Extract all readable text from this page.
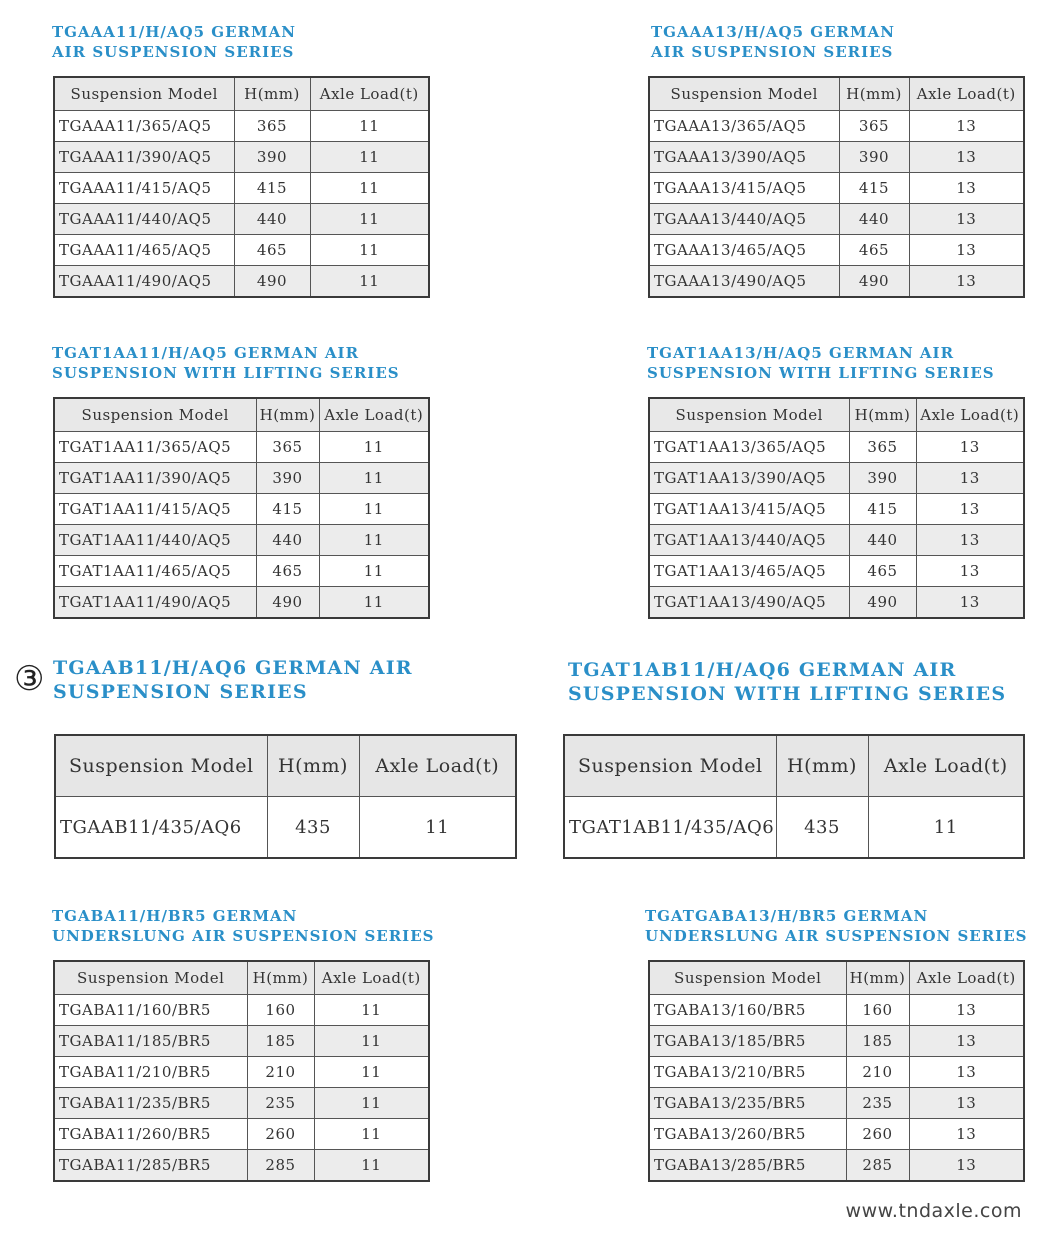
TGAAA11/H/AQ5 GERMAN
AIR SUSPENSION SERIES
Suspension Model	H(mm)	Axle Load(t)
TGAAA11/365/AQ5	365	11
TGAAA11/390/AQ5	390	11
TGAAA11/415/AQ5	415	11
TGAAA11/440/AQ5	440	11
TGAAA11/465/AQ5	465	11
TGAAA11/490/AQ5	490	11
TGAAA13/H/AQ5 GERMAN
AIR SUSPENSION SERIES
Suspension Model	H(mm)	Axle Load(t)
TGAAA13/365/AQ5	365	13
TGAAA13/390/AQ5	390	13
TGAAA13/415/AQ5	415	13
TGAAA13/440/AQ5	440	13
TGAAA13/465/AQ5	465	13
TGAAA13/490/AQ5	490	13
TGAT1AA11/H/AQ5 GERMAN AIR
SUSPENSION WITH LIFTING SERIES
Suspension Model	H(mm)	Axle Load(t)
TGAT1AA11/365/AQ5	365	11
TGAT1AA11/390/AQ5	390	11
TGAT1AA11/415/AQ5	415	11
TGAT1AA11/440/AQ5	440	11
TGAT1AA11/465/AQ5	465	11
TGAT1AA11/490/AQ5	490	11
TGAT1AA13/H/AQ5 GERMAN AIR
SUSPENSION WITH LIFTING SERIES
Suspension Model	H(mm)	Axle Load(t)
TGAT1AA13/365/AQ5	365	13
TGAT1AA13/390/AQ5	390	13
TGAT1AA13/415/AQ5	415	13
TGAT1AA13/440/AQ5	440	13
TGAT1AA13/465/AQ5	465	13
TGAT1AA13/490/AQ5	490	13
③ TGAAB11/H/AQ6 GERMAN AIR
SUSPENSION SERIES
Suspension Model	H(mm)	Axle Load(t)
TGAAB11/435/AQ6	435	11
TGAT1AB11/H/AQ6 GERMAN AIR
SUSPENSION WITH LIFTING SERIES
Suspension Model	H(mm)	Axle Load(t)
TGAT1AB11/435/AQ6	435	11
TGABA11/H/BR5 GERMAN
UNDERSLUNG AIR SUSPENSION SERIES
Suspension Model	H(mm)	Axle Load(t)
TGABA11/160/BR5	160	11
TGABA11/185/BR5	185	11
TGABA11/210/BR5	210	11
TGABA11/235/BR5	235	11
TGABA11/260/BR5	260	11
TGABA11/285/BR5	285	11
TGATGABA13/H/BR5 GERMAN
UNDERSLUNG AIR SUSPENSION SERIES
Suspension Model	H(mm)	Axle Load(t)
TGABA13/160/BR5	160	13
TGABA13/185/BR5	185	13
TGABA13/210/BR5	210	13
TGABA13/235/BR5	235	13
TGABA13/260/BR5	260	13
TGABA13/285/BR5	285	13
www.tndaxle.com
